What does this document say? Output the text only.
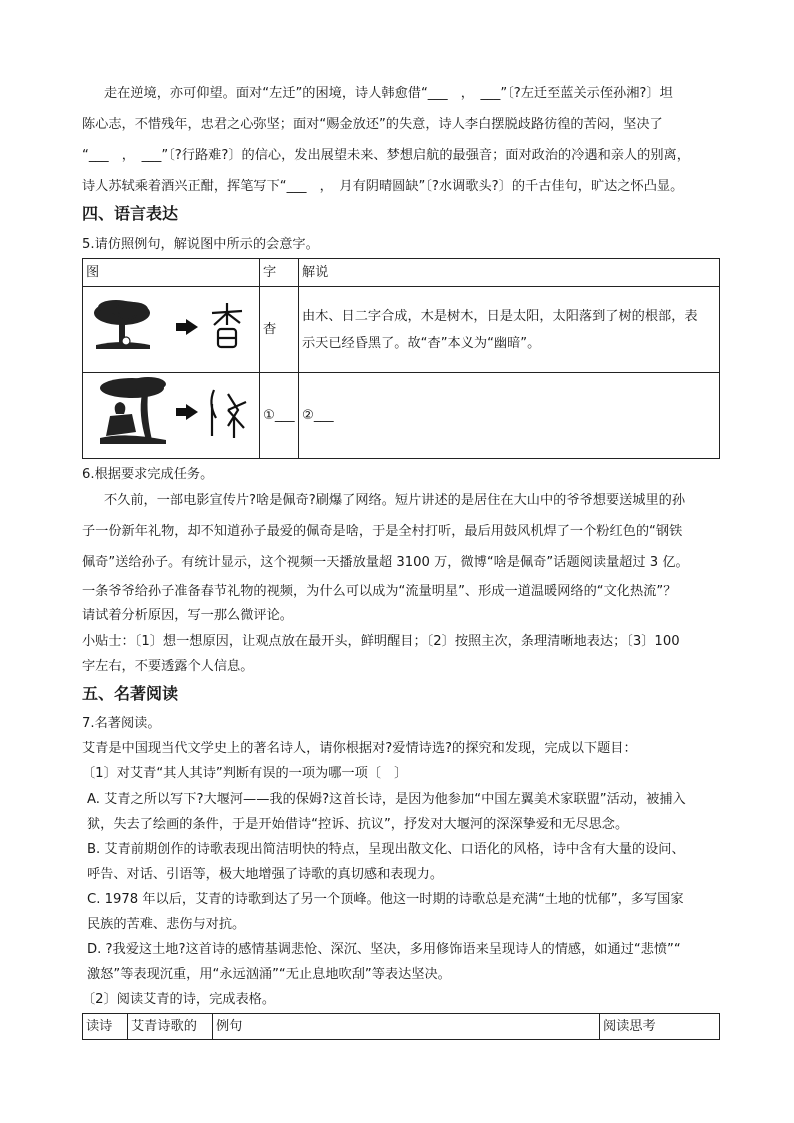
走在逆境，亦可仰望。面对“左迁”的困境，诗人韩愈借“___　，　___”〔?左迁至蓝关示侄孙湘?〕坦
陈心志，不惜残年，忠君之心弥坚；面对“赐金放还”的失意，诗人李白摆脱歧路彷徨的苦闷，坚决了
“___　，　___”〔?行路难?〕的信心，发出展望未来、梦想启航的最强音；面对政治的冷遇和亲人的别离，
诗人苏轼乘着酒兴正酣，挥笔写下“___　，　月有阴晴圆缺”〔?水调歌头?〕的千古佳句，旷达之怀凸显。
四、语言表达
5.请仿照例句，解说图中所示的会意字。
图	字	解说
	杳	由木、日二字合成，木是树木，日是太阳，太阳落到了树的根部，表
示天已经昏黑了。故“杳”本义为“幽暗”。

	①___	②___
6.根据要求完成任务。
不久前，一部电影宣传片?啥是佩奇?刷爆了网络。短片讲述的是居住在大山中的爷爷想要送城里的孙
子一份新年礼物，却不知道孙子最爱的佩奇是啥，于是全村打听，最后用鼓风机焊了一个粉红色的“钢铁
佩奇”送给孙子。有统计显示，这个视频一天播放量超 3100 万，微博“啥是佩奇”话题阅读量超过 3 亿。
一条爷爷给孙子准备春节礼物的视频，为什么可以成为“流量明星”、形成一道温暖网络的“文化热流”？
请试着分析原因，写一那么微评论。
小贴士：〔1〕想一想原因，让观点放在最开头，鲜明醒目；〔2〕按照主次，条理清晰地表达；〔3〕100
字左右，不要透露个人信息。
五、名著阅读
7.名著阅读。
艾青是中国现当代文学史上的著名诗人，请你根据对?爱情诗选?的探究和发现，完成以下题目：
〔1〕对艾青“其人其诗”判断有误的一项为哪一项〔　〕
A. 艾青之所以写下?大堰河——我的保姆?这首长诗，是因为他参加“中国左翼美术家联盟”活动，被捕入
狱，失去了绘画的条件，于是开始借诗“控诉、抗议”，抒发对大堰河的深深挚爱和无尽思念。
B. 艾青前期创作的诗歌表现出简洁明快的特点，呈现出散文化、口语化的风格，诗中含有大量的设问、
呼告、对话、引语等，极大地增强了诗歌的真切感和表现力。
C. 1978 年以后，艾青的诗歌到达了另一个顶峰。他这一时期的诗歌总是充满“土地的忧郁”，多写国家
民族的苦难、悲伤与对抗。
D. ?我爱这土地?这首诗的感情基调悲怆、深沉、坚决，多用修饰语来呈现诗人的情感，如通过“悲愤”“
激怒”等表现沉重，用“永远汹涌”“无止息地吹刮”等表达坚决。
〔2〕阅读艾青的诗，完成表格。
读诗	艾青诗歌的	例句	阅读思考
